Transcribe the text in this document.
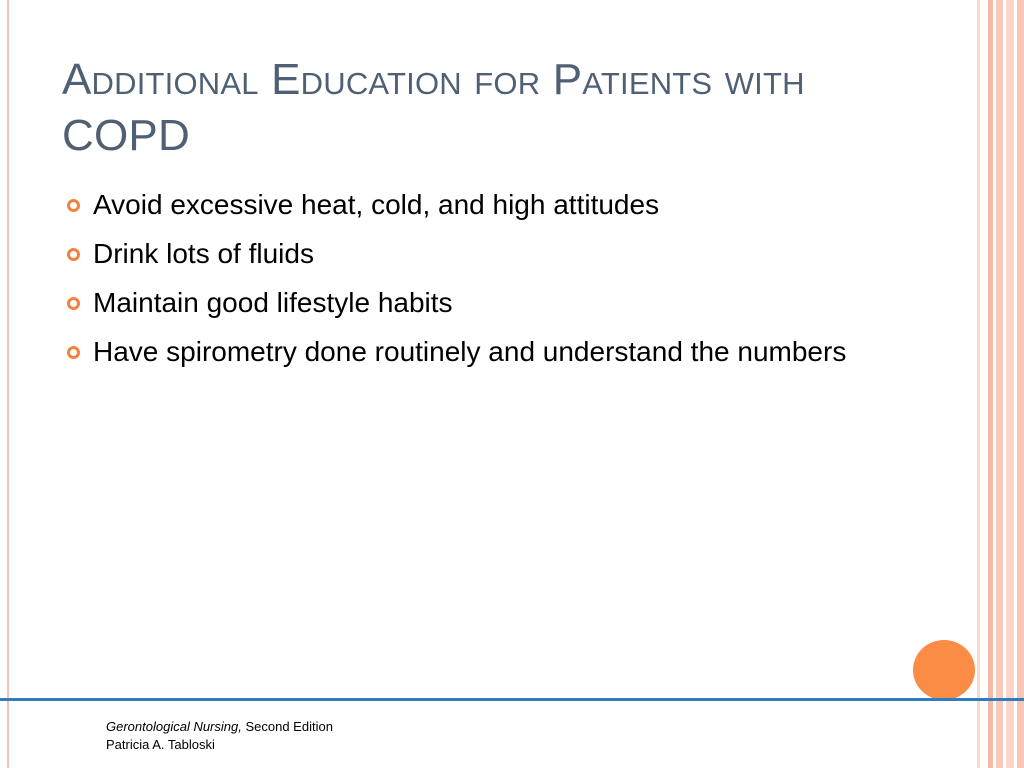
Additional Education for Patients with COPD
Avoid excessive heat, cold, and high attitudes
Drink lots of fluids
Maintain good lifestyle habits
Have spirometry done routinely and understand the numbers
Gerontological Nursing, Second Edition
Patricia A. Tabloski
